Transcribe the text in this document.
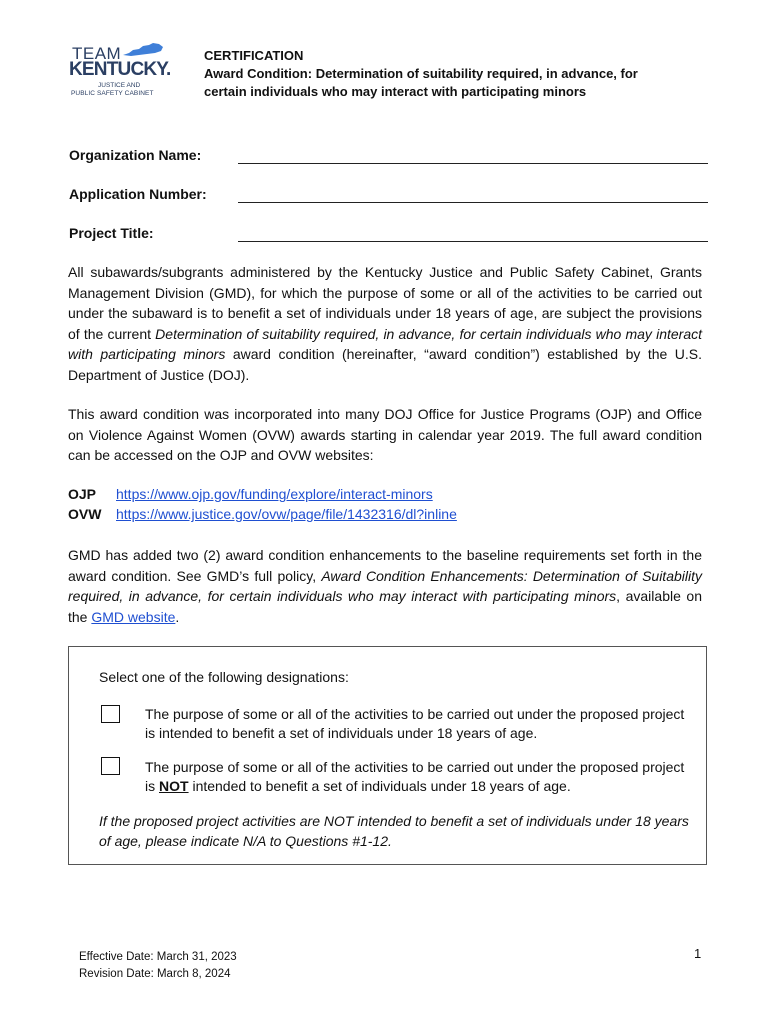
TEAM
KENTUCKY.
JUSTICE AND
PUBLIC SAFETY CABINET
CERTIFICATION
Award Condition: Determination of suitability required, in advance, for
certain individuals who may interact with participating minors
Organization Name:
Application Number:
Project Title:
All subawards/subgrants administered by the Kentucky Justice and Public Safety Cabinet, Grants Management Division (GMD), for which the purpose of some or all of the activities to be carried out under the subaward is to benefit a set of individuals under 18 years of age, are subject the provisions of the current Determination of suitability required, in advance, for certain individuals who may interact with participating minors award condition (hereinafter, “award condition”) established by the U.S. Department of Justice (DOJ).
This award condition was incorporated into many DOJ Office for Justice Programs (OJP) and Office on Violence Against Women (OVW) awards starting in calendar year 2019. The full award condition can be accessed on the OJP and OVW websites:
OJP https://www.ojp.gov/funding/explore/interact-minors
OVW https://www.justice.gov/ovw/page/file/1432316/dl?inline
GMD has added two (2) award condition enhancements to the baseline requirements set forth in the award condition. See GMD’s full policy, Award Condition Enhancements: Determination of Suitability required, in advance, for certain individuals who may interact with participating minors, available on the GMD website.
Select one of the following designations:
The purpose of some or all of the activities to be carried out under the proposed project is intended to benefit a set of individuals under 18 years of age.
The purpose of some or all of the activities to be carried out under the proposed project is NOT intended to benefit a set of individuals under 18 years of age.
If the proposed project activities are NOT intended to benefit a set of individuals under 18 years of age, please indicate N/A to Questions #1-12.
Effective Date: March 31, 2023
Revision Date: March 8, 2024
1
